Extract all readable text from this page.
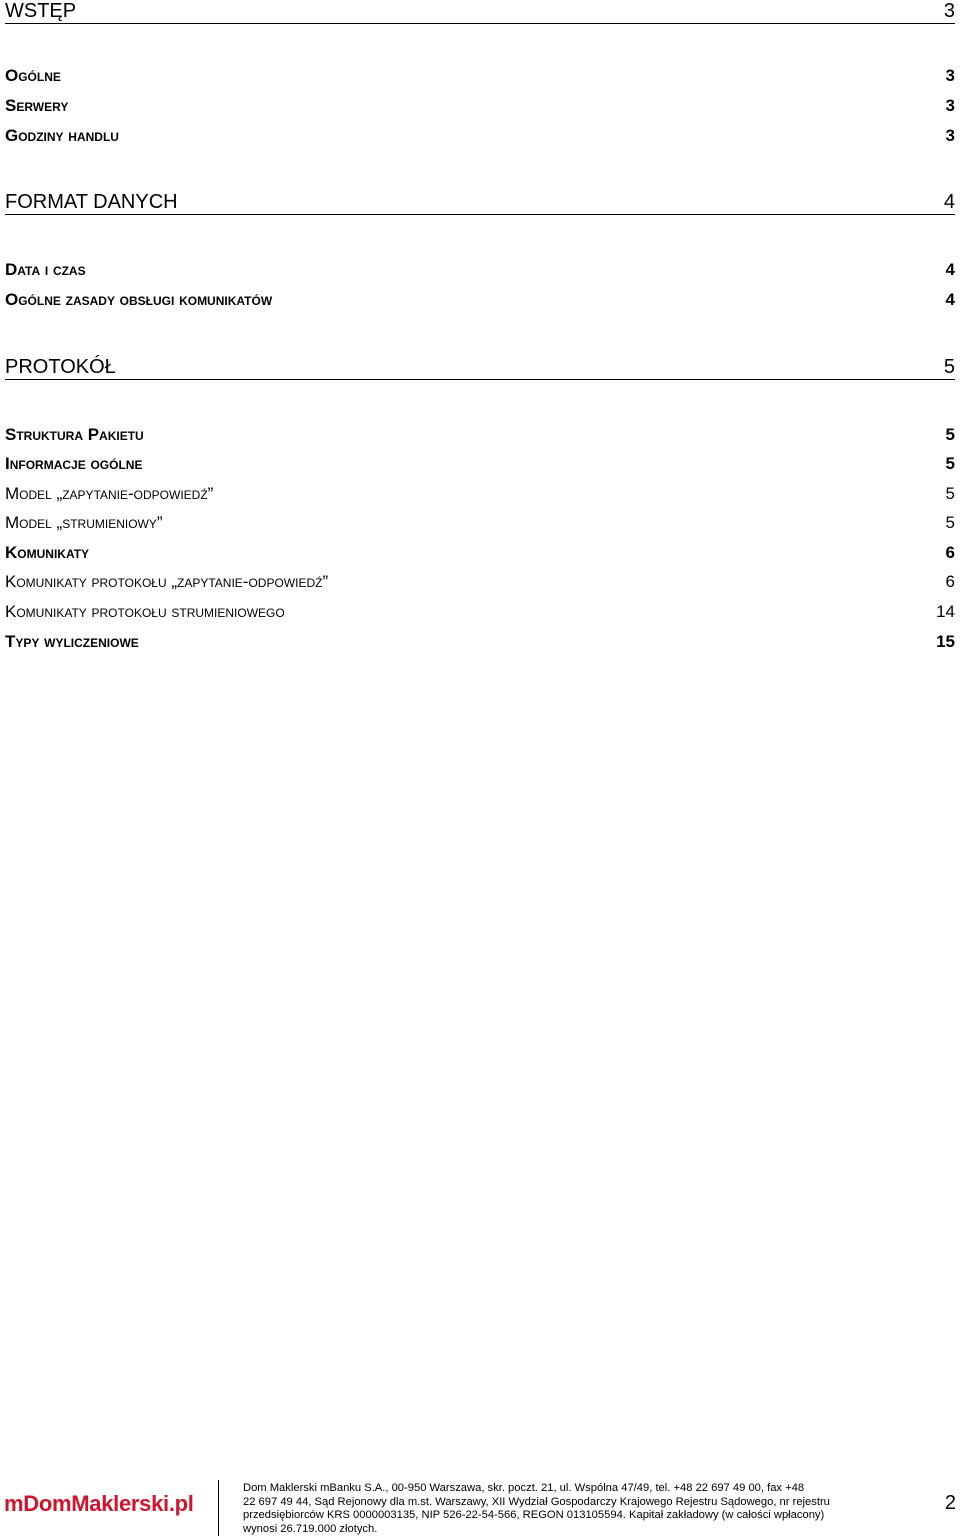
WSTĘP	3
Ogólne	3
Serwery	3
Godziny handlu	3
FORMAT DANYCH	4
Data i czas	4
Ogólne zasady obsługi komunikatów	4
PROTOKÓŁ	5
Struktura Pakietu	5
Informacje ogólne	5
Model „zapytanie-odpowiedź”	5
Model „strumieniowy”	5
Komunikaty	6
Komunikaty protokołu „zapytanie-odpowiedź”	6
Komunikaty protokołu strumieniowego	14
Typy wyliczeniowe	15
mDomMaklerski.pl
Dom Maklerski mBanku S.A., 00-950 Warszawa, skr. poczt. 21, ul. Wspólna 47/49, tel. +48 22 697 49 00, fax +48
22 697 49 44, Sąd Rejonowy dla m.st. Warszawy, XII Wydział Gospodarczy Krajowego Rejestru Sądowego, nr rejestru
przedsiębiorców KRS 0000003135, NIP 526-22-54-566, REGON 013105594. Kapitał zakładowy (w całości wpłacony)
wynosi 26.719.000 złotych.
2
